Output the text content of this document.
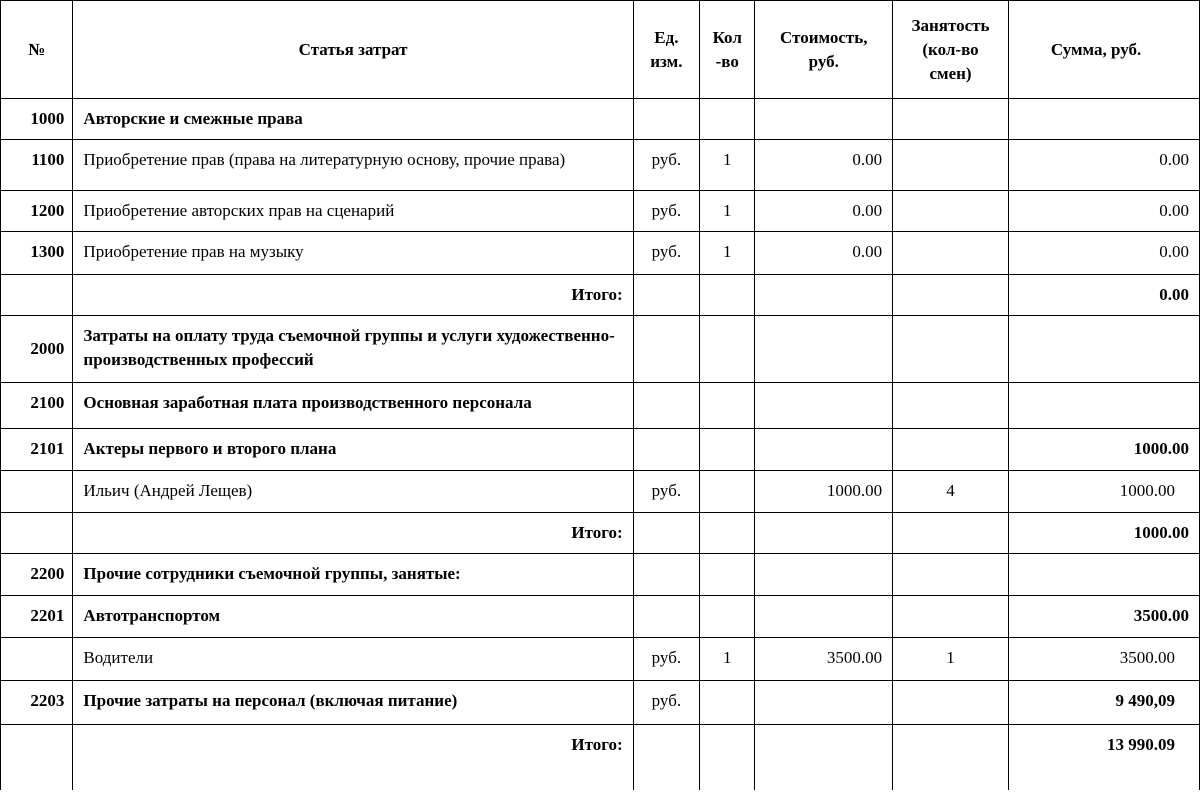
№	Статья затрат	Ед. изм.	Кол -во	Стоимость, руб.	Занятость (кол-во смен)	Сумма, руб.
1000	Авторские и смежные права					
1100	Приобретение прав (права на литературную основу, прочие права)	руб.	1	0.00		0.00
1200	Приобретение авторских прав на сценарий	руб.	1	0.00		0.00
1300	Приобретение прав на музыку	руб.	1	0.00		0.00
	Итого:					0.00
2000	Затраты на оплату труда съемочной группы и услуги художественно-производственных профессий					
2100	Основная заработная плата производственного персонала					
2101	Актеры первого и второго плана					1000.00
	Ильич (Андрей Лещев)	руб.		1000.00	4	1000.00
	Итого:					1000.00
2200	Прочие сотрудники съемочной группы, занятые:					
2201	Автотранспортом					3500.00
	Водители	руб.	1	3500.00	1	3500.00
2203	Прочие затраты на персонал (включая питание)	руб.				9 490,09
	Итого:					13 990.09
